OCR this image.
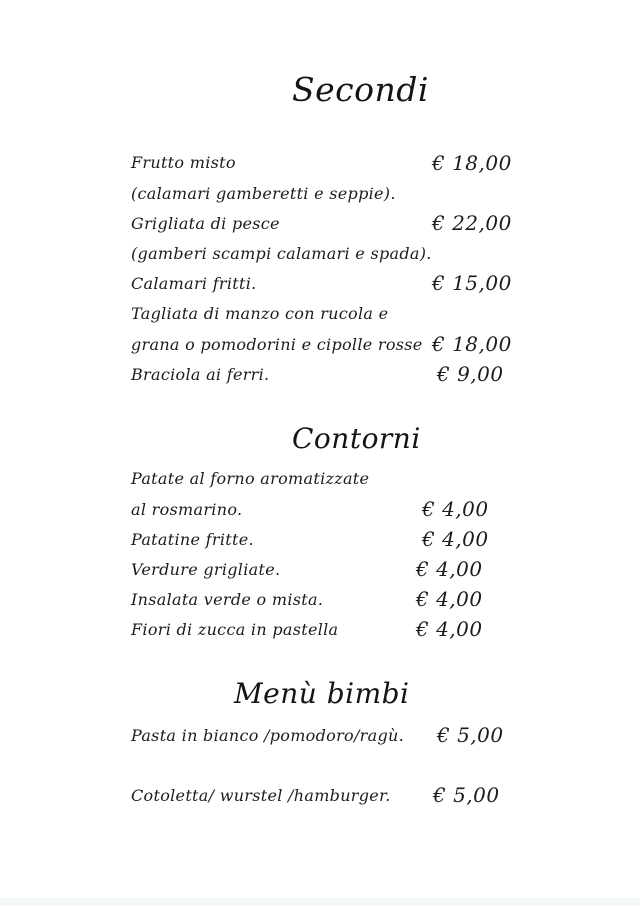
Secondi
Frutto misto	€ 18,00
(calamari gamberetti e seppie).
Grigliata di pesce	€ 22,00
(gamberi scampi calamari e spada).
Calamari fritti.	€ 15,00
Tagliata di manzo con rucola e
grana o pomodorini e cipolle rosse € 18,00
Braciola ai ferri.	€ 9,00
Contorni
Patate al forno aromatizzate
al rosmarino.	€ 4,00
Patatine fritte.	€ 4,00
Verdure grigliate.	€ 4,00
Insalata verde o mista.	€ 4,00
Fiori di zucca in pastella	€ 4,00
Menù bimbi
Pasta in bianco /pomodoro/ragù. € 5,00
Cotoletta/ wurstel /hamburger. € 5,00
